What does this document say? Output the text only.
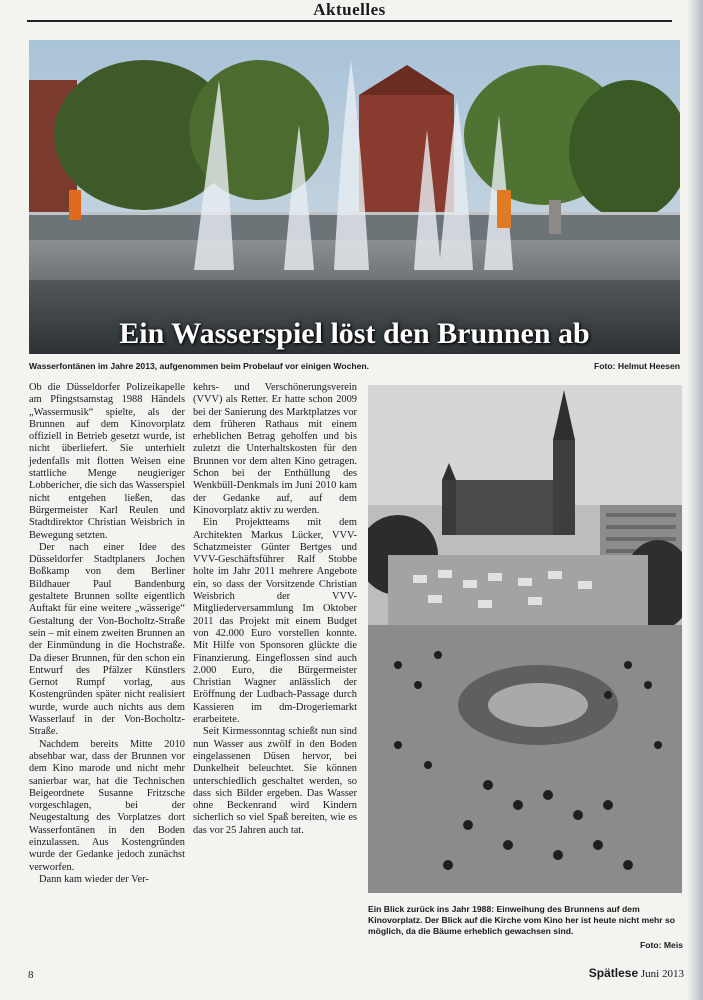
Aktuelles
Ein Wasserspiel löst den Brunnen ab
Wasserfontänen im Jahre 2013, aufgenommen beim Probelauf vor einigen Wochen.	Foto: Helmut Heesen

Ob die Düsseldorfer Polizeikapelle am Pfingstsamstag 1988 Händels „Wassermusik“ spielte, als der Brunnen auf dem Kinovorplatz offiziell in Betrieb gesetzt wurde, ist nicht überliefert. Sie unterhielt jedenfalls mit flotten Weisen eine stattliche Menge neugieriger Lobbericher, die sich das Wasserspiel nicht entgehen ließen, das Bürgermeister Karl Reulen und Stadtdirektor Christian Weisbrich in Bewegung setzten.

Der nach einer Idee des Düsseldorfer Stadtplaners Jochen Boßkamp von dem Berliner Bildhauer Paul Bandenburg gestaltete Brunnen sollte eigentlich Auftakt für eine weitere „wässerige“ Gestaltung der Von-Bocholtz-Straße sein – mit einem zweiten Brunnen an der Einmündung in die Hochstraße. Da dieser Brunnen, für den schon ein Entwurf des Pfälzer Künstlers Gernot Rumpf vorlag, aus Kostengründen später nicht realisiert wurde, wurde auch nichts aus dem Wasserlauf in der Von-Bocholtz-Straße.

Nachdem bereits Mitte 2010 absehbar war, dass der Brunnen vor dem Kino marode und nicht mehr sanierbar war, hat die Technischen Beigeordnete Susanne Fritzsche vorgeschlagen, bei der Neugestaltung des Vorplatzes dort Wasserfontänen in den Boden einzulassen. Aus Kostengründen wurde der Gedanke jedoch zunächst verworfen.

Dann kam wieder der Ver-

kehrs- und Verschönerungsverein (VVV) als Retter. Er hatte schon 2009 bei der Sanierung des Marktplatzes vor dem früheren Rathaus mit einem erheblichen Betrag geholfen und bis zuletzt die Unterhaltskosten für den Brunnen vor dem alten Kino getragen. Schon bei der Enthüllung des Wenkbüll-Denkmals im Juni 2010 kam der Gedanke auf, auf dem Kinovorplatz aktiv zu werden.

Ein Projektteams mit dem Architekten Markus Lücker, VVV-Schatzmeister Günter Bertges und VVV-Geschäftsführer Ralf Stobbe holte im Jahr 2011 mehrere Angebote ein, so dass der Vorsitzende Christian Weisbrich der VVV-Mitgliederversammlung Im Oktober 2011 das Projekt mit einem Budget von 42.000 Euro vorstellen konnte. Mit Hilfe von Sponsoren glückte die Finanzierung. Eingeflossen sind auch 2.000 Euro, die Bürgermeister Christian Wagner anlässlich der Eröffnung der Ludbach-Passage durch Kassieren im dm-Drogeriemarkt erarbeitete.

Seit Kirmessonntag schießt nun sind nun Wasser aus zwölf in den Boden eingelassenen Düsen hervor, bei Dunkelheit beleuchtet. Sie können unterschiedlich geschaltet werden, so dass sich Bilder ergeben. Das Wasser ohne Beckenrand wird Kindern sicherlich so viel Spaß bereiten, wie es das vor 25 Jahren auch tat.

Ein Blick zurück ins Jahr 1988: Einweihung des Brunnens auf dem Kinovorplatz. Der Blick auf die Kirche vom Kino her ist heute nicht mehr so möglich, da die Bäume erheblich gewachsen sind.
Foto: Meis
8	Spätlese Juni 2013
